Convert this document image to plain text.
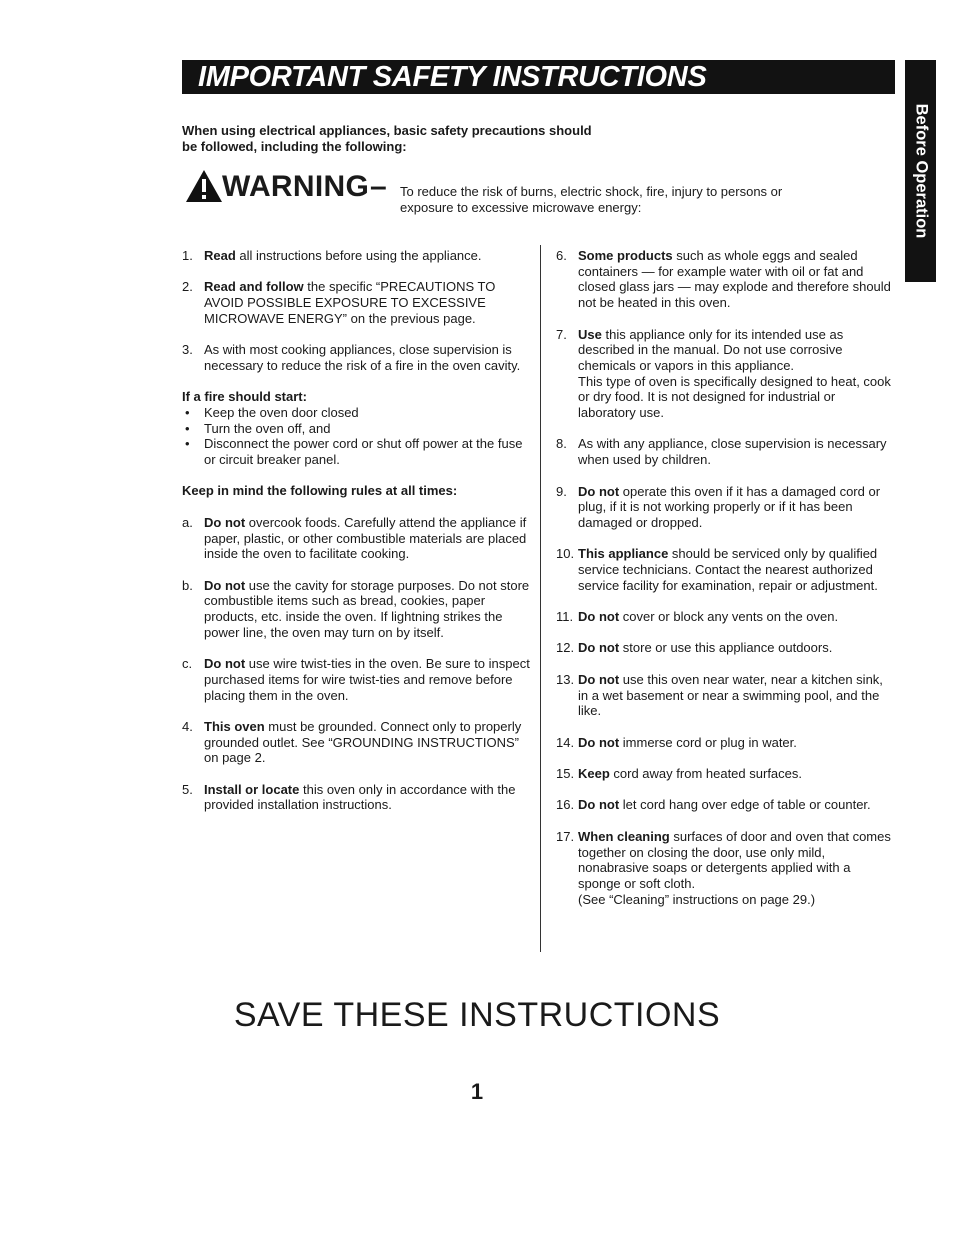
IMPORTANT SAFETY INSTRUCTIONS
Before Operation

When using electrical appliances, basic safety precautions should be followed, including the following:

WARNING – To reduce the risk of burns, electric shock, fire, injury to persons or exposure to excessive microwave energy:

1. Read all instructions before using the appliance.

2. Read and follow the specific “PRECAUTIONS TO AVOID POSSIBLE EXPOSURE TO EXCESSIVE MICROWAVE ENERGY” on the previous page.

3. As with most cooking appliances, close supervision is necessary to reduce the risk of a fire in the oven cavity.

If a fire should start:

• Keep the oven door closed
• Turn the oven off, and
• Disconnect the power cord or shut off power at the fuse or circuit breaker panel.

Keep in mind the following rules at all times:

a. Do not overcook foods. Carefully attend the appliance if paper, plastic, or other combustible materials are placed inside the oven to facilitate cooking.

b. Do not use the cavity for storage purposes. Do not store combustible items such as bread, cookies, paper products, etc. inside the oven. If lightning strikes the power line, the oven may turn on by itself.

c. Do not use wire twist-ties in the oven. Be sure to inspect purchased items for wire twist-ties and remove before placing them in the oven.

4. This oven must be grounded. Connect only to properly grounded outlet. See “GROUNDING INSTRUCTIONS” on page 2.

5. Install or locate this oven only in accordance with the provided installation instructions.

6. Some products such as whole eggs and sealed containers — for example water with oil or fat and closed glass jars — may explode and therefore should not be heated in this oven.

7. Use this appliance only for its intended use as described in the manual. Do not use corrosive chemicals or vapors in this appliance.

This type of oven is specifically designed to heat, cook or dry food. It is not designed for industrial or laboratory use.

8. As with any appliance, close supervision is necessary when used by children.

9. Do not operate this oven if it has a damaged cord or plug, if it is not working properly or if it has been damaged or dropped.

10. This appliance should be serviced only by qualified service technicians. Contact the nearest authorized service facility for examination, repair or adjustment.

11. Do not cover or block any vents on the oven.

12. Do not store or use this appliance outdoors.

13. Do not use this oven near water, near a kitchen sink, in a wet basement or near a swimming pool, and the like.

14. Do not immerse cord or plug in water.

15. Keep cord away from heated surfaces.

16. Do not let cord hang over edge of table or counter.

17. When cleaning surfaces of door and oven that comes together on closing the door, use only mild, nonabrasive soaps or detergents applied with a sponge or soft cloth.

(See “Cleaning” instructions on page 29.)

SAVE THESE INSTRUCTIONS

1
